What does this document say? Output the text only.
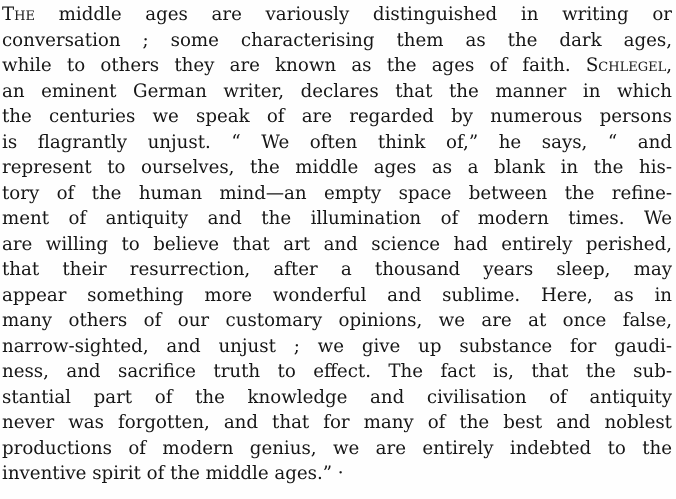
The middle ages are variously distinguished in writing or
conversation ; some characterising them as the dark ages,
while to others they are known as the ages of faith. Schlegel,
an eminent German writer, declares that the manner in which
the centuries we speak of are regarded by numerous persons
is flagrantly unjust. “ We often think of,” he says, “ and
represent to ourselves, the middle ages as a blank in the his-
tory of the human mind—an empty space between the refine-
ment of antiquity and the illumination of modern times. We
are willing to believe that art and science had entirely perished,
that their resurrection, after a thousand years sleep, may
appear something more wonderful and sublime. Here, as in
many others of our customary opinions, we are at once false,
narrow-sighted, and unjust ; we give up substance for gaudi-
ness, and sacrifice truth to effect. The fact is, that the sub-
stantial part of the knowledge and civilisation of antiquity
never was forgotten, and that for many of the best and noblest
productions of modern genius, we are entirely indebted to the
inventive spirit of the middle ages.” ·
